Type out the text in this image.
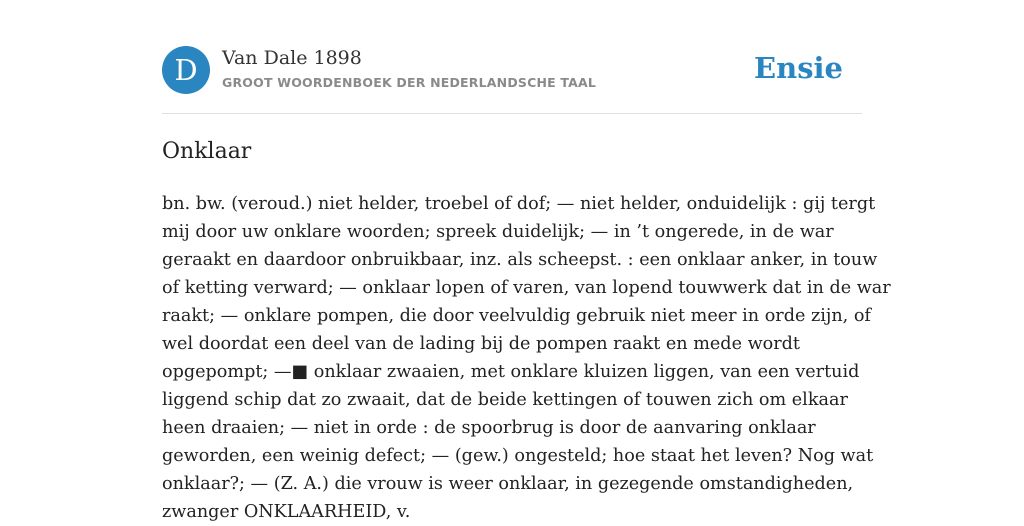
D	Van Dale 1898
GROOT WOORDENBOEK DER NEDERLANDSCHE TAAL	Ensie
Onklaar

bn. bw. (veroud.) niet helder, troebel of dof; — niet helder, onduidelijk : gij tergt
mij door uw onklare woorden; spreek duidelijk; — in ’t ongerede, in de war
geraakt en daardoor onbruikbaar, inz. als scheepst. : een onklaar anker, in touw
of ketting verward; — onklaar lopen of varen, van lopend touwwerk dat in de war
raakt; — onklare pompen, die door veelvuldig gebruik niet meer in orde zijn, of
wel doordat een deel van de lading bij de pompen raakt en mede wordt
opgepompt; —■ onklaar zwaaien, met onklare kluizen liggen, van een vertuid
liggend schip dat zo zwaait, dat de beide kettingen of touwen zich om elkaar
heen draaien; — niet in orde : de spoorbrug is door de aanvaring onklaar
geworden, een weinig defect; — (gew.) ongesteld; hoe staat het leven? Nog wat
onklaar?; — (Z. A.) die vrouw is weer onklaar, in gezegende omstandigheden,
zwanger ONKLAARHEID, v.
